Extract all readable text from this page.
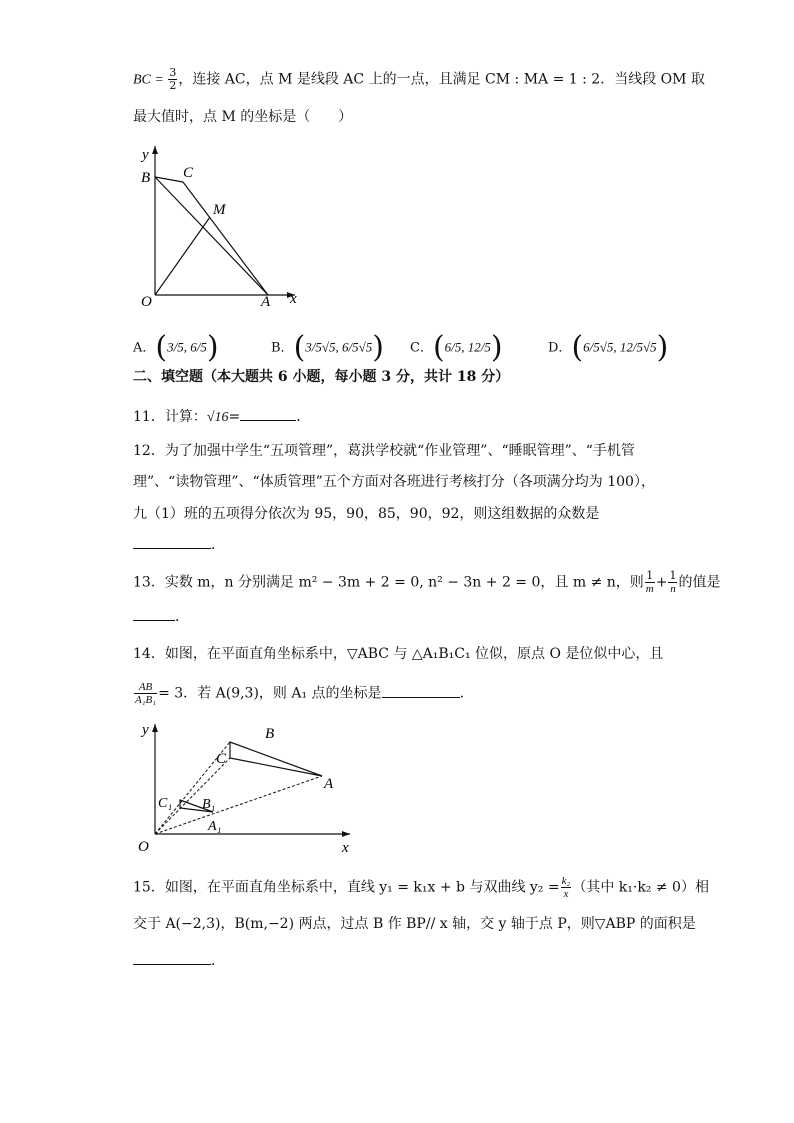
BC = $\frac{3}{2}$ ，连接 AC，点 M 是线段 AC 上的一点，且满足 CM : MA = 1 : 2．当线段 OM 取
最大值时，点 M 的坐标是（　　）
y
x
B C
M
O	A
A．(3/5, 6/5)	B．(3/5√5, 6/5√5) C．(6/5, 12/5)	D．(6/5√5, 12/5√5)
二、填空题（本大题共 6 小题，每小题 3 分，共计 18 分）
11．计算：√16=	．
12．为了加强中学生“五项管理”，葛洪学校就“作业管理”、“睡眠管理”、“手机管
理”、“读物管理”、“体质管理”五个方面对各班进行考核打分（各项满分均为 100），
九（1）班的五项得分依次为 95，90，85，90，92，则这组数据的众数是
．
13．实数 m，n 分别满足 m² − 3m + 2 = 0, n² − 3n + 2 = 0，且 m ≠ n，则 $\frac{1}{m} + \frac{1}{n}$ 的值是
．
14．如图，在平面直角坐标系中，▽ABC 与 △A₁B₁C₁ 位似，原点 O 是位似中心，且
$\frac{AB}{\text{A₁B₁}} = 3$．若 A(9,3)，则 A₁ 点的坐标是	．
y
x
B
C
A
C₁ B₁
A₁
O
15．如图，在平面直角坐标系中，直线 y₁ = k₁x + b 与双曲线 $y_2 = \frac{\text{k₂}}{x}$ （其中 k₁·k₂ ≠ 0）相
交于 A(−2,3)，B(m,−2) 两点，过点 B 作 BP// x 轴，交 y 轴于点 P，则▽ABP 的面积是
．
